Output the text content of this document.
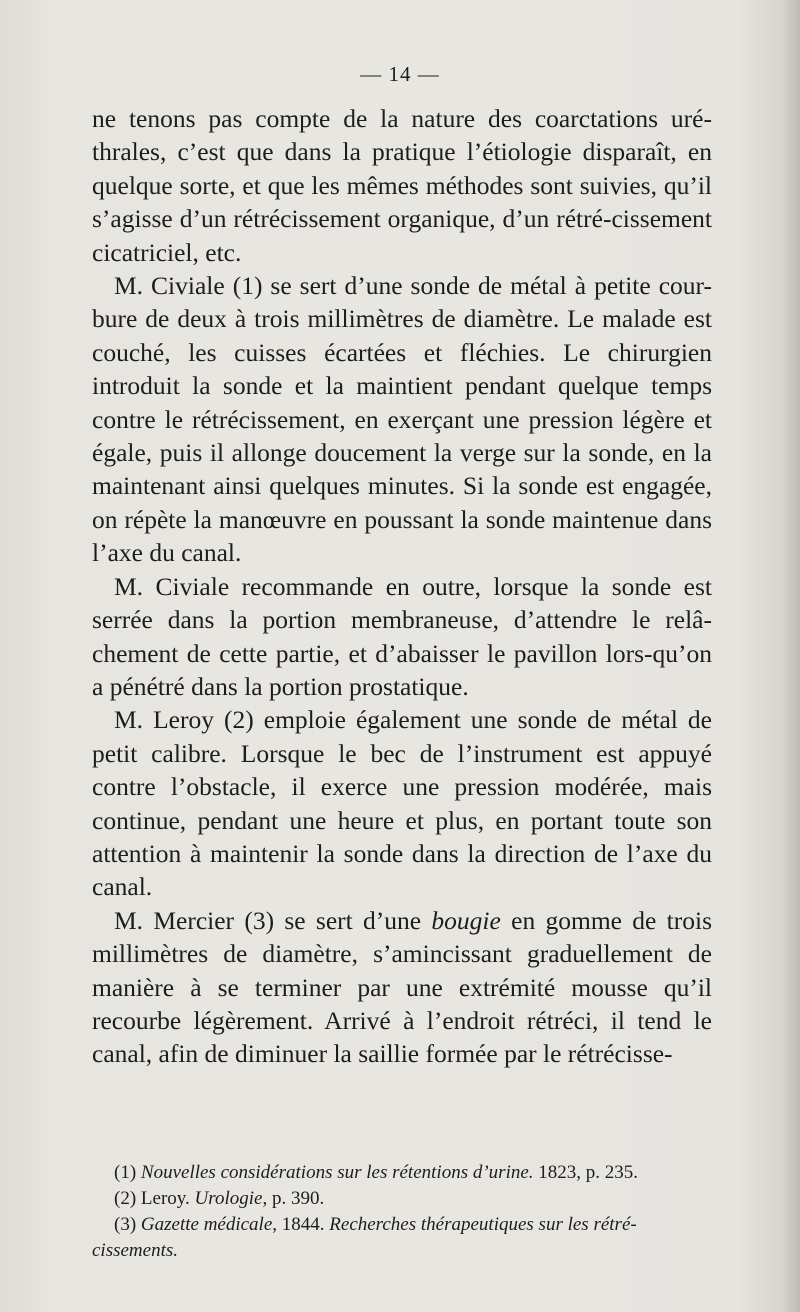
— 14 —

ne tenons pas compte de la nature des coarctations uré-thrales, c’est que dans la pratique l’étiologie disparaît, en quelque sorte, et que les mêmes méthodes sont suivies, qu’il s’agisse d’un rétrécissement organique, d’un rétré-cissement cicatriciel, etc.

M. Civiale (1) se sert d’une sonde de métal à petite cour-bure de deux à trois millimètres de diamètre. Le malade est couché, les cuisses écartées et fléchies. Le chirurgien introduit la sonde et la maintient pendant quelque temps contre le rétrécissement, en exerçant une pression légère et égale, puis il allonge doucement la verge sur la sonde, en la maintenant ainsi quelques minutes. Si la sonde est engagée, on répète la manœuvre en poussant la sonde maintenue dans l’axe du canal.

M. Civiale recommande en outre, lorsque la sonde est serrée dans la portion membraneuse, d’attendre le relâ-chement de cette partie, et d’abaisser le pavillon lors-qu’on a pénétré dans la portion prostatique.

M. Leroy (2) emploie également une sonde de métal de petit calibre. Lorsque le bec de l’instrument est appuyé contre l’obstacle, il exerce une pression modérée, mais continue, pendant une heure et plus, en portant toute son attention à maintenir la sonde dans la direction de l’axe du canal.

M. Mercier (3) se sert d’une bougie en gomme de trois millimètres de diamètre, s’amincissant graduellement de manière à se terminer par une extrémité mousse qu’il recourbe légèrement. Arrivé à l’endroit rétréci, il tend le canal, afin de diminuer la saillie formée par le rétrécisse-

(1) Nouvelles considérations sur les rétentions d’urine. 1823, p. 235.

(2) Leroy. Urologie, p. 390.

(3) Gazette médicale, 1844. Recherches thérapeutiques sur les rétré-cissements.
